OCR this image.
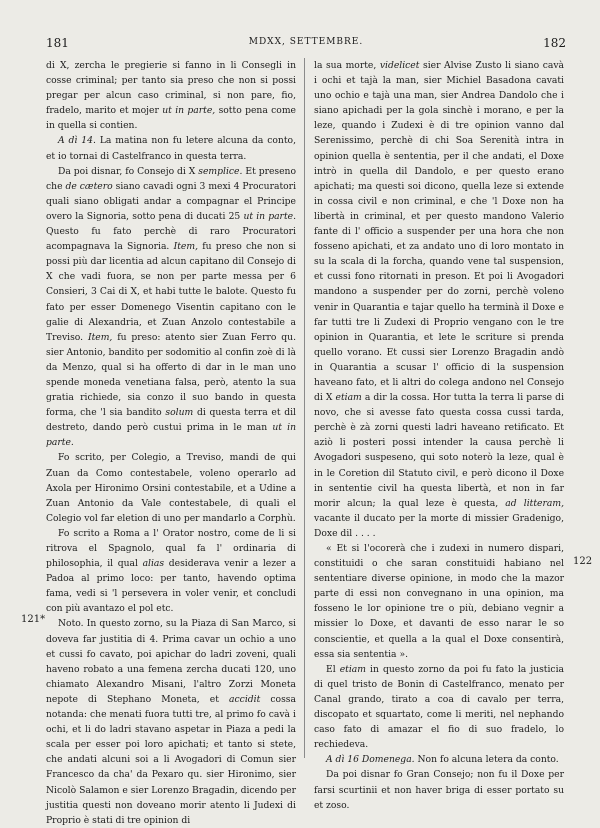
181	MDXX, SETTEMBRE.	182

di X, zercha le pregierie si fanno in li Consegli in cosse criminal; per tanto sia preso che non si possi pregar per alcun caso criminal, si non pare, fio, fradelo, marito et mojer ut in parte, sotto pena come in quella si contien.

A dì 14. La matina non fu letere alcuna da conto, et io tornai di Castelfranco in questa terra.

Da poi disnar, fo Consejo di X semplice. Et preseno che de cætero siano cavadi ogni 3 mexi 4 Procuratori quali siano obligati andar a compagnar el Principe overo la Signoria, sotto pena di ducati 25 ut in parte. Questo fu fato perchè di raro Procuratori acompagnava la Signoria. Item, fu preso che non si possi più dar licentia ad alcun capitano dil Consejo di X che vadi fuora, se non per parte messa per 6 Consieri, 3 Cai di X, et habi tutte le balote. Questo fu fato per esser Domenego Visentin capitano con le galie di Alexandria, et Zuan Anzolo contestabile a Treviso. Item, fu preso: atento sier Zuan Ferro qu. sier Antonio, bandito per sodomitio al confin zoè di là da Menzo, qual si ha offerto di dar in le man uno spende moneda venetiana falsa, però, atento la sua gratia richiede, sia conzo il suo bando in questa forma, che 'l sia bandito solum di questa terra et dil destreto, dando però custui prima in le man ut in parte.

Fo scrito, per Colegio, a Treviso, mandi de qui Zuan da Como contestabele, voleno operarlo ad Axola per Hironimo Orsini contestabile, et a Udine a Zuan Antonio da Vale contestabele, di quali el Colegio vol far eletion di uno per mandarlo a Corphù.

Fo scrito a Roma a l' Orator nostro, come de li si ritrova el Spagnolo, qual fa l' ordinaria di philosophia, il qual alias desiderava venir a lezer a Padoa al primo loco: per tanto, havendo optima fama, vedi si 'l persevera in voler venir, et concludi con più avantazo el pol etc.

Noto. In questo zorno, su la Piaza di San Marco, si doveva far justitia di 4. Prima cavar un ochio a uno et cussi fo cavato, poi apichar do ladri zoveni, quali haveno robato a una femena zercha ducati 120, uno chiamato Alexandro Misani, l'altro Zorzi Moneta nepote di Stephano Moneta, et accidit cossa notanda: che menati fuora tutti tre, al primo fo cavà i ochi, et li do ladri stavano aspetar in Piaza a pedi la scala per esser poi loro apichati; et tanto si stete, che andati alcuni soi a li Avogadori di Comun sier Francesco da cha' da Pexaro qu. sier Hironimo, sier Nicolò Salamon e sier Lorenzo Bragadin, dicendo per justitia questi non doveano morir atento li Judexi di Proprio è stati di tre opinion di

la sua morte, videlicet sier Alvise Zusto li siano cavà i ochi et tajà la man, sier Michiel Basadona cavati uno ochio e tajà una man, sier Andrea Dandolo che i siano apichadi per la gola sinchè i morano, e per la leze, quando i Zudexi è di tre opinion vanno dal Serenissimo, perchè di chi Soa Serenità intra in opinion quella è sententia, per il che andati, el Doxe intrò in quella dil Dandolo, e per questo erano apichati; ma questi soi dicono, quella leze si extende in cossa civil e non criminal, e che 'l Doxe non ha libertà in criminal, et per questo mandono Valerio fante di l' officio a suspender per una hora che non fosseno apichati, et za andato uno di loro montato in su la scala di la forcha, quando vene tal suspension, et cussi fono ritornati in preson. Et poi li Avogadori mandono a suspender per do zorni, perchè voleno venir in Quarantia e tajar quello ha terminà il Doxe e far tutti tre li Zudexi di Proprio vengano con le tre opinion in Quarantia, et lete le scriture si prenda quello vorano. Et cussi sier Lorenzo Bragadin andò in Quarantia a scusar l' officio di la suspension haveano fato, et li altri do colega andono nel Consejo di X etiam a dir la cossa. Hor tutta la terra li parse di novo, che si avesse fato questa cossa cussi tarda, perchè è zà zorni questi ladri haveano retificato. Et aziò li posteri possi intender la causa perchè li Avogadori suspeseno, qui soto noterò la leze, qual è in le Coretion dil Statuto civil, e però dicono il Doxe in sententie civil ha questa libertà, et non in far morir alcun; la qual leze è questa, ad litteram, vacante il ducato per la morte di missier Gradenigo, Doxe dil . . . .

« Et si l'ocorerà che i zudexi in numero dispari, constituidi o che saran constituidi habiano nel sententiare diverse opinione, in modo che la mazor parte di essi non convegnano in una opinion, ma fosseno le lor opinione tre o più, debiano vegnir a missier lo Doxe, et davanti de esso narar le so conscientie, et quella a la qual el Doxe consentirà, essa sia sententia ».

El etiam in questo zorno da poi fu fato la justicia di quel tristo de Bonin di Castelfranco, menato per Canal grando, tirato a coa di cavalo per terra, discopato et squartato, come li meriti, nel nephando caso fato di amazar el fio di suo fradelo, lo rechiedeva.

A dì 16 Domenega. Non fo alcuna letera da conto.

Da poi disnar fo Gran Consejo; non fu il Doxe per farsi scurtinii et non haver briga di esser portato su et zoso.

121*
122
